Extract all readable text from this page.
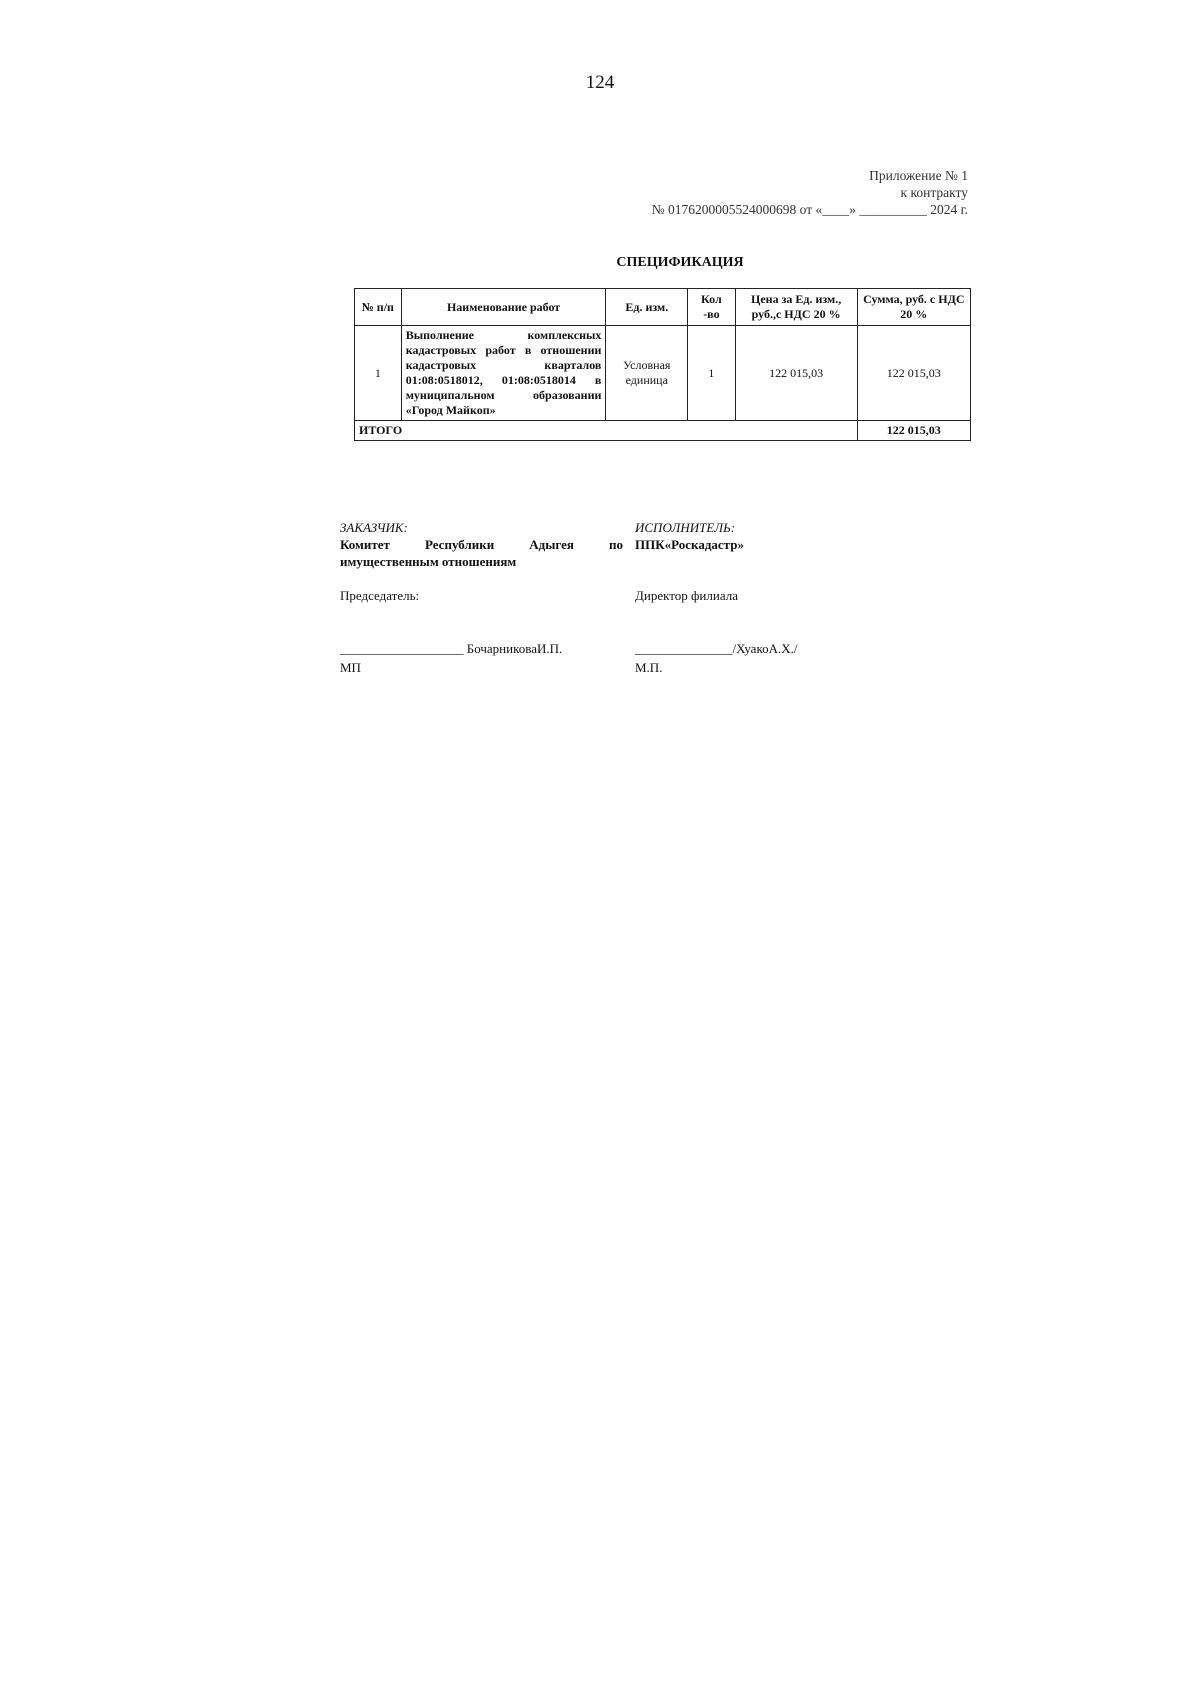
124
Приложение № 1
к контракту
№ 0176200005524000698 от «____» __________ 2024 г.
СПЕЦИФИКАЦИЯ
№ п/п	Наименование работ	Ед. изм.	Кол -во	Цена за Ед. изм., руб.,с НДС 20 %	Сумма, руб. с НДС 20 %
1	Выполнение комплексных кадастровых работ в отношении кадастровых кварталов 01:08:0518012, 01:08:0518014 в муниципальном образовании «Город Майкоп»	Условная единица	1	122 015,03	122 015,03
ИТОГО					122 015,03
ЗАКАЗЧИК:
Комитет Республики Адыгея по имущественным отношениям
ИСПОЛНИТЕЛЬ:
ППК«Роскадастр»
Председатель:	Директор филиала
___________________ БочарниковаИ.П.	_______________/ХуакоА.Х./
МП	М.П.
